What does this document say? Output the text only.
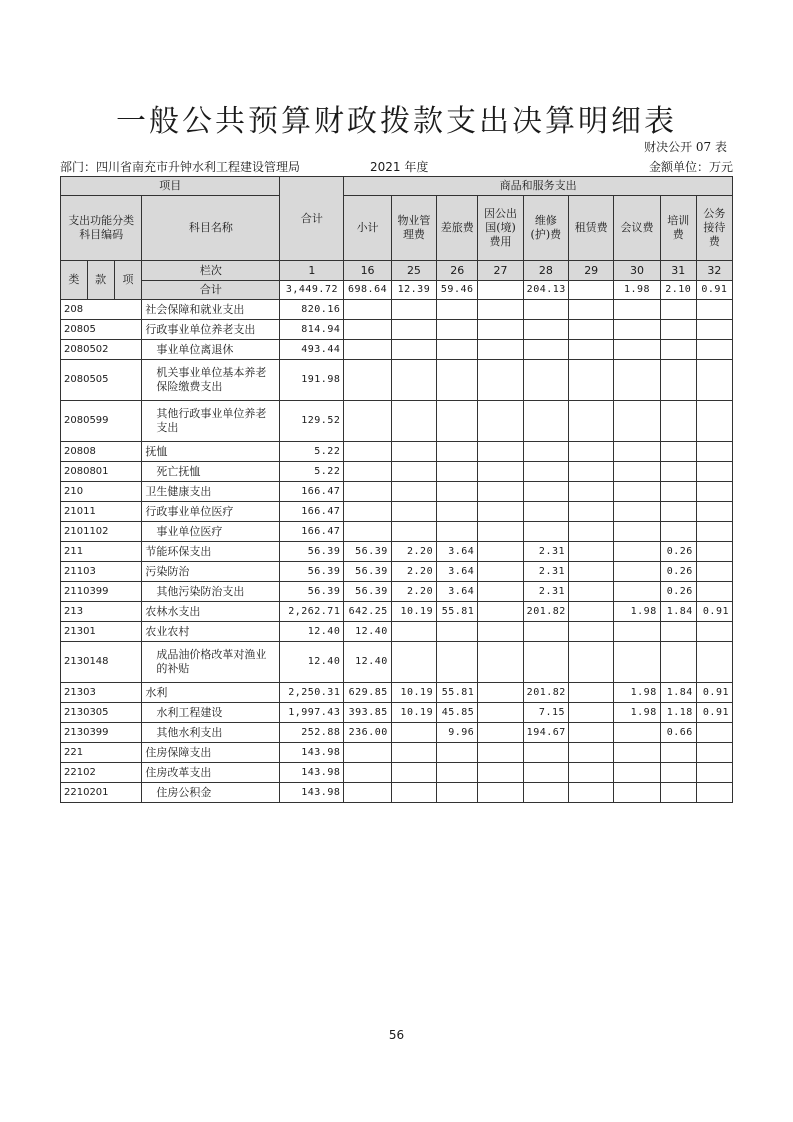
一般公共预算财政拨款支出决算明细表
财决公开 07 表
部门：四川省南充市升钟水利工程建设管理局	2021 年度	金额单位：万元
项目				合计	商品和服务支出								
支出功能分类科目编码			科目名称		小计	物业管理费	差旅费	因公出国(境)费用	维修(护)费	租赁费	会议费	培训费	公务接待费
类	款	项	栏次	1	16	25	26	27	28	29	30	31	32
			合计	3,449.72	698.64	12.39	59.46		204.13		1.98	2.10	0.91
208			社会保障和就业支出	820.16									
20805			行政事业单位养老支出	814.94									
2080502			事业单位离退休	493.44									
2080505			机关事业单位基本养老保险缴费支出	191.98									
2080599			其他行政事业单位养老支出	129.52									
20808			抚恤	5.22									
2080801			死亡抚恤	5.22									
210			卫生健康支出	166.47									
21011			行政事业单位医疗	166.47									
2101102			事业单位医疗	166.47									
211			节能环保支出	56.39	56.39	2.20	3.64		2.31			0.26	
21103			污染防治	56.39	56.39	2.20	3.64		2.31			0.26	
2110399			其他污染防治支出	56.39	56.39	2.20	3.64		2.31			0.26	
213			农林水支出	2,262.71	642.25	10.19	55.81		201.82		1.98	1.84	0.91
21301			农业农村	12.40	12.40								
2130148			成品油价格改革对渔业的补贴	12.40	12.40								
21303			水利	2,250.31	629.85	10.19	55.81		201.82		1.98	1.84	0.91
2130305			水利工程建设	1,997.43	393.85	10.19	45.85		7.15		1.98	1.18	0.91
2130399			其他水利支出	252.88	236.00		9.96		194.67			0.66	
221			住房保障支出	143.98									
22102			住房改革支出	143.98									
2210201			住房公积金	143.98									
56
